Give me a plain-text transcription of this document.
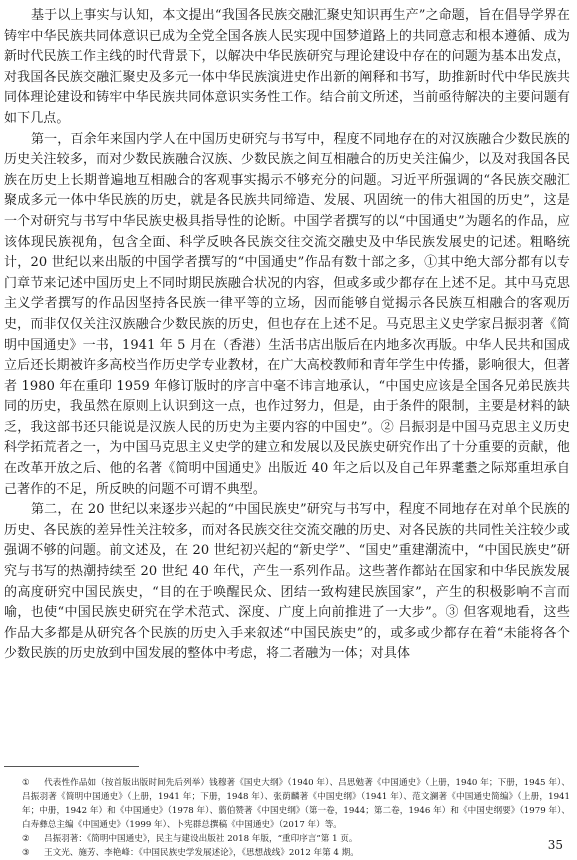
基于以上事实与认知，本文提出“我国各民族交融汇聚史知识再生产”之命题，旨在倡导学界在铸牢中华民族共同体意识已成为全党全国各族人民实现中国梦道路上的共同意志和根本遵循、成为新时代民族工作主线的时代背景下，以解决中华民族研究与理论建设中存在的问题为基本出发点，对我国各民族交融汇聚史及多元一体中华民族演进史作出新的阐释和书写，助推新时代中华民族共同体理论建设和铸牢中华民族共同体意识实务性工作。结合前文所述，当前亟待解决的主要问题有如下几点。

第一，百余年来国内学人在中国历史研究与书写中，程度不同地存在的对汉族融合少数民族的历史关注较多，而对少数民族融合汉族、少数民族之间互相融合的历史关注偏少，以及对我国各民族在历史上长期普遍地互相融合的客观事实揭示不够充分的问题。习近平所强调的“各民族交融汇聚成多元一体中华民族的历史，就是各民族共同缔造、发展、巩固统一的伟大祖国的历史”，这是一个对研究与书写中华民族史极具指导性的论断。中国学者撰写的以“中国通史”为题名的作品，应该体现民族视角，包含全面、科学反映各民族交往交流交融史及中华民族发展史的记述。粗略统计，20 世纪以来出版的中国学者撰写的“中国通史”作品有数十部之多，①其中绝大部分都有以专门章节来记述中国历史上不同时期民族融合状况的内容，但或多或少都存在上述不足。其中马克思主义学者撰写的作品因坚持各民族一律平等的立场，因而能够自觉揭示各民族互相融合的客观历史，而非仅仅关注汉族融合少数民族的历史，但也存在上述不足。马克思主义史学家吕振羽著《简明中国通史》一书，1941 年 5 月在（香港）生活书店出版后在内地多次再版。中华人民共和国成立后还长期被许多高校当作历史学专业教材，在广大高校教师和青年学生中传播，影响很大，但著者 1980 年在重印 1959 年修订版时的序言中毫不讳言地承认，“中国史应该是全国各兄弟民族共同的历史，我虽然在原则上认识到这一点，也作过努力，但是，由于条件的限制，主要是材料的缺乏，我这部书还只能说是汉族人民的历史为主要内容的中国史”。② 吕振羽是中国马克思主义历史科学拓荒者之一，为中国马克思主义史学的建立和发展以及民族史研究作出了十分重要的贡献，他在改革开放之后、他的名著《简明中国通史》出版近 40 年之后以及自己年界耄耋之际郑重坦承自己著作的不足，所反映的问题不可谓不典型。

第二，在 20 世纪以来逐步兴起的“中国民族史”研究与书写中，程度不同地存在对单个民族的历史、各民族的差异性关注较多，而对各民族交往交流交融的历史、对各民族的共同性关注较少或强调不够的问题。前文述及，在 20 世纪初兴起的“新史学”、“国史”重建潮流中，“中国民族史”研究与书写的热潮持续至 20 世纪 40 年代，产生一系列作品。这些著作都站在国家和中华民族发展的高度研究中国民族史，“目的在于唤醒民众、团结一致构建民族国家”，产生的积极影响不言而喻，也使“中国民族史研究在学术范式、深度、广度上向前推进了一大步”。③ 但客观地看，这些作品大多都是从研究各个民族的历史入手来叙述“中国民族史”的，或多或少都存在着“未能将各个少数民族的历史放到中国发展的整体中考虑，将二者融为一体；对具体

① 代表性作品如（按首版出版时间先后列举）钱穆著《国史大纲》（1940 年）、吕思勉著《中国通史》（上册，1940 年；下册，1945 年）、吕振羽著《简明中国通史》（上册，1941 年；下册，1948 年）、张荫麟著《中国史纲》（1941 年）、范文澜著《中国通史简编》（上册，1941 年；中册，1942 年）和《中国通史》（1978 年）、翦伯赞著《中国史纲》（第一卷，1944；第二卷，1946 年）和《中国史纲要》（1979 年）、白寿彝总主编《中国通史》（1999 年）、卜宪群总撰稿《中国通史》（2017 年）等。

② 吕振羽著：《简明中国通史》，民主与建设出版社 2018 年版，“重印序言”第 1 页。

③ 王文光、施芳、李艳峰：《中国民族史学发展述论》，《思想战线》2012 年第 4 期。

35
